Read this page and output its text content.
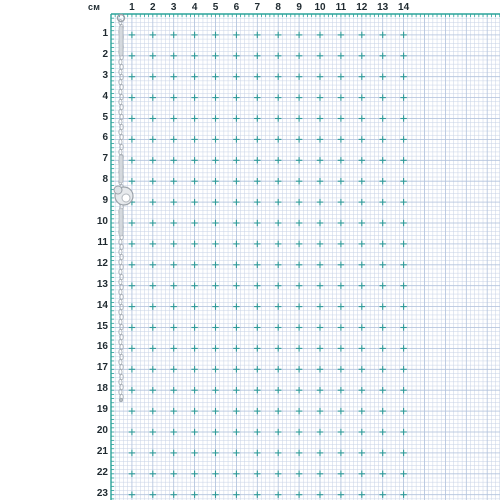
см	1	2	3	4	5	6	7	8	9	10	11	12 13 14
1
2
3
4
5
6
7
8
9
10
11
12
13
14
15
16
17
18
19
20
21
22
23
